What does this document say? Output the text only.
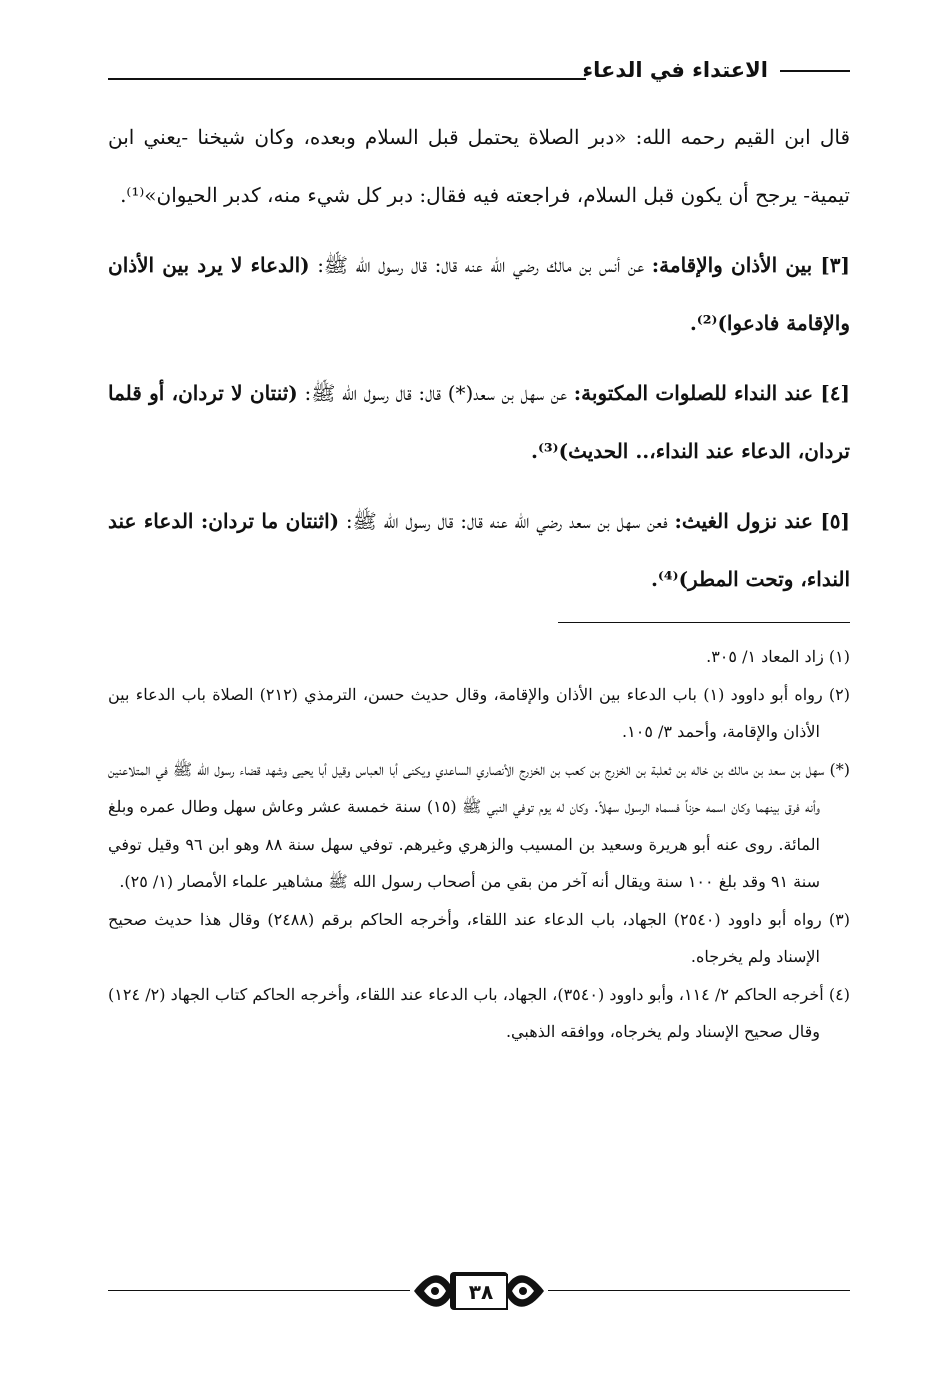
الاعتداء في الدعاء

قال ابن القيم رحمه الله: «دبر الصلاة يحتمل قبل السلام وبعده، وكان شيخنا -يعني ابن تيمية- يرجح أن يكون قبل السلام، فراجعته فيه فقال: دبر كل شيء منه، كدبر الحيوان»⁽¹⁾.

[٣] بين الأذان والإقامة: عن أنس بن مالك رضي الله عنه قال: قال رسول الله ﷺ: (الدعاء لا يرد بين الأذان والإقامة فادعوا)⁽²⁾.

[٤] عند النداء للصلوات المكتوبة: عن سهل بن سعد(*) قال: قال رسول الله ﷺ: (ثنتان لا تردان، أو قلما تردان، الدعاء عند النداء،.. الحديث)⁽³⁾.

[٥] عند نزول الغيث: فعن سهل بن سعد رضي الله عنه قال: قال رسول الله ﷺ: (اثنتان ما تردان: الدعاء عند النداء، وتحت المطر)⁽⁴⁾.

(١) زاد المعاد ١/ ٣٠٥.

(٢) رواه أبو داوود (١) باب الدعاء بين الأذان والإقامة، وقال حديث حسن، الترمذي (٢١٢) الصلاة باب الدعاء بين الأذان والإقامة، وأحمد ٣/ ١٠٥.

(*) سهل بن سعد بن مالك بن خاله بن ثعلبة بن الخزرج بن كعب بن الخزرج الأنصاري الساعدي ويكنى أبا العباس وقيل أبا يحيى وشهد قضاء رسول الله ﷺ في المتلاعنين وأنه فرق بينهما وكان اسمه حزناً فسماه الرسول سهلاً. وكان له يوم توفي النبي ﷺ (١٥) سنة خمسة عشر وعاش سهل وطال عمره وبلغ المائة. روى عنه أبو هريرة وسعيد بن المسيب والزهري وغيرهم. توفي سهل سنة ٨٨ وهو ابن ٩٦ وقيل توفي سنة ٩١ وقد بلغ ١٠٠ سنة ويقال أنه آخر من بقي من أصحاب رسول الله ﷺ مشاهير علماء الأمصار (١/ ٢٥).

(٣) رواه أبو داوود (٢٥٤٠) الجهاد، باب الدعاء عند اللقاء، وأخرجه الحاكم برقم (٢٤٨٨) وقال هذا حديث صحيح الإسناد ولم يخرجاه.

(٤) أخرجه الحاكم ٢/ ١١٤، وأبو داوود (٣٥٤٠)، الجهاد، باب الدعاء عند اللقاء، وأخرجه الحاكم كتاب الجهاد (٢/ ١٢٤) وقال صحيح الإسناد ولم يخرجاه، ووافقه الذهبي.

٣٨
